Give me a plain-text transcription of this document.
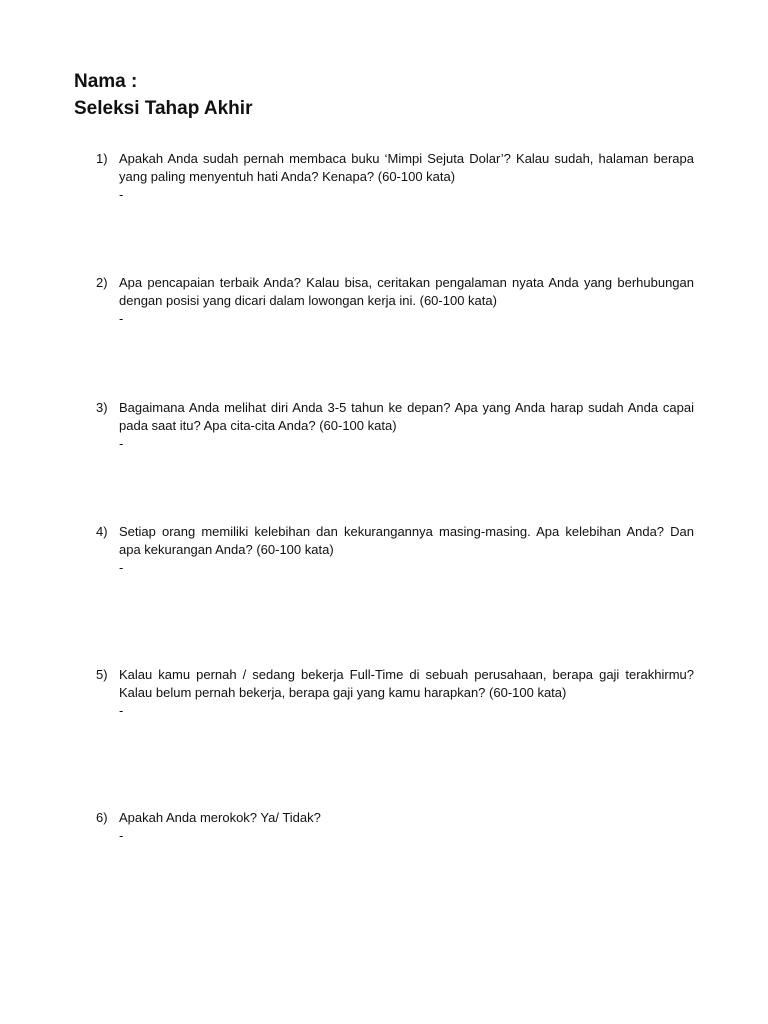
Nama :
Seleksi Tahap Akhir
1) Apakah Anda sudah pernah membaca buku ‘Mimpi Sejuta Dolar’? Kalau sudah, halaman berapa yang paling menyentuh hati Anda? Kenapa? (60-100 kata)
-
2) Apa pencapaian terbaik Anda? Kalau bisa, ceritakan pengalaman nyata Anda yang berhubungan dengan posisi yang dicari dalam lowongan kerja ini. (60-100 kata)
-
3) Bagaimana Anda melihat diri Anda 3-5 tahun ke depan? Apa yang Anda harap sudah Anda capai pada saat itu? Apa cita-cita Anda? (60-100 kata)
-
4) Setiap orang memiliki kelebihan dan kekurangannya masing-masing. Apa kelebihan Anda? Dan apa kekurangan Anda? (60-100 kata)
-
5) Kalau kamu pernah / sedang bekerja Full-Time di sebuah perusahaan, berapa gaji terakhirmu? Kalau belum pernah bekerja, berapa gaji yang kamu harapkan? (60-100 kata)
-
6) Apakah Anda merokok? Ya/ Tidak?
-
